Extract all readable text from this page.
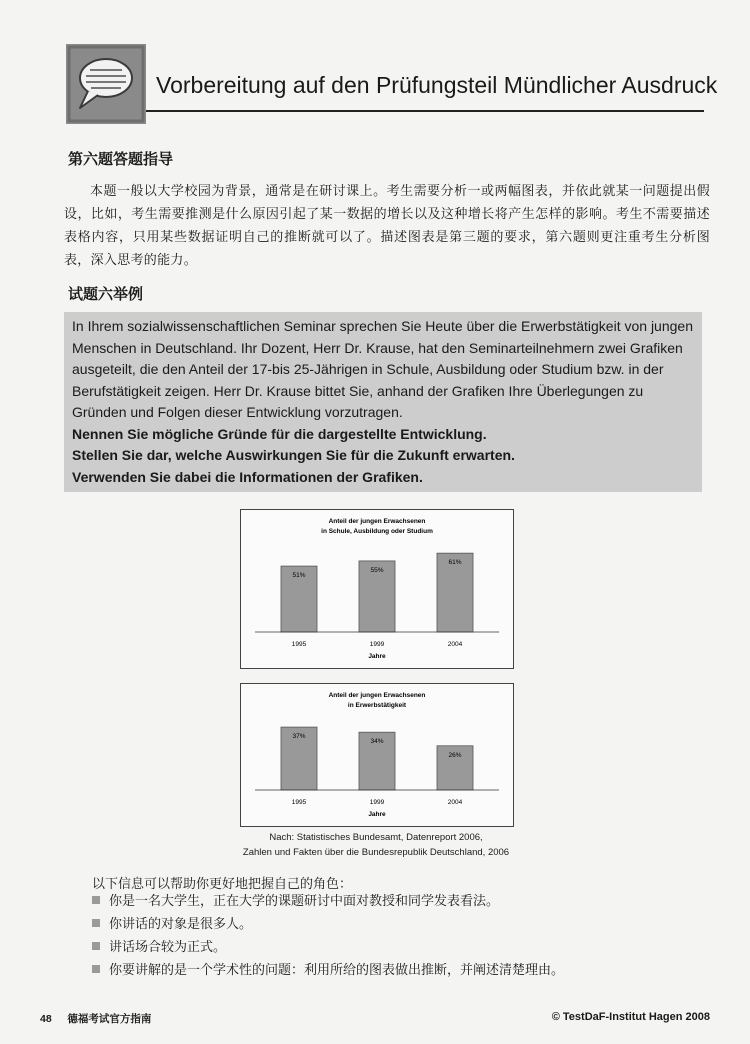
Vorbereitung auf den Prüfungsteil Mündlicher Ausdruck
第六题答题指导
本题一般以大学校园为背景，通常是在研讨课上。考生需要分析一或两幅图表，并依此就某一问题提出假设，比如，考生需要推测是什么原因引起了某一数据的增长以及这种增长将产生怎样的影响。考生不需要描述表格内容，只用某些数据证明自己的推断就可以了。描述图表是第三题的要求，第六题则更注重考生分析图表，深入思考的能力。
试题六举例
In Ihrem sozialwissenschaftlichen Seminar sprechen Sie Heute über die Erwerbstätigkeit von jungen Menschen in Deutschland. Ihr Dozent, Herr Dr. Krause, hat den Seminarteilnehmern zwei Grafiken ausgeteilt, die den Anteil der 17-bis 25-Jährigen in Schule, Ausbildung oder Studium bzw. in der Berufstätigkeit zeigen. Herr Dr. Krause bittet Sie, anhand der Grafiken Ihre Überlegungen zu Gründen und Folgen dieser Entwicklung vorzutragen.
Nennen Sie mögliche Gründe für die dargestellte Entwicklung.
Stellen Sie dar, welche Auswirkungen Sie für die Zukunft erwarten.
Verwenden Sie dabei die Informationen der Grafiken.
Anteil der jungen Erwachsenen
in Schule, Ausbildung oder Studium
51%
1995
55%
1999
61%
2004
Jahre
Anteil der jungen Erwachsenen
in Erwerbstätigkeit
37%
1995
34%
1999
26%
2004
Jahre
Nach: Statistisches Bundesamt, Datenreport 2006,
Zahlen und Fakten über die Bundesrepublik Deutschland, 2006
以下信息可以帮助你更好地把握自己的角色：
你是一名大学生，正在大学的课题研讨中面对教授和同学发表看法。
你讲话的对象是很多人。
讲话场合较为正式。
你要讲解的是一个学术性的问题：利用所给的图表做出推断，并阐述清楚理由。
48 德福考试官方指南	© TestDaF-Institut Hagen 2008
